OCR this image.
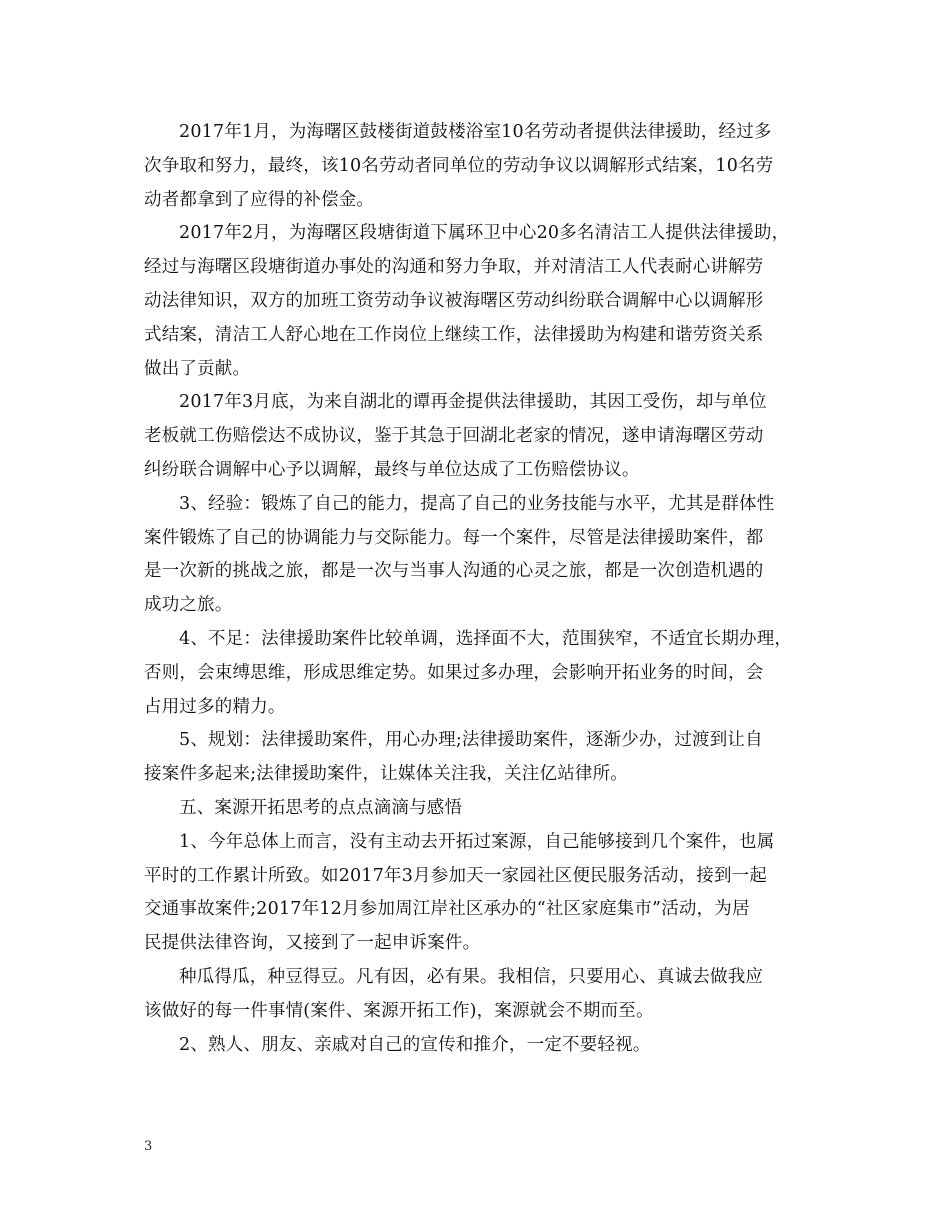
2017年1月，为海曙区鼓楼街道鼓楼浴室10名劳动者提供法律援助，经过多
次争取和努力，最终，该10名劳动者同单位的劳动争议以调解形式结案，10名劳
动者都拿到了应得的补偿金。

2017年2月，为海曙区段塘街道下属环卫中心20多名清洁工人提供法律援助，
经过与海曙区段塘街道办事处的沟通和努力争取，并对清洁工人代表耐心讲解劳
动法律知识，双方的加班工资劳动争议被海曙区劳动纠纷联合调解中心以调解形
式结案，清洁工人舒心地在工作岗位上继续工作，法律援助为构建和谐劳资关系
做出了贡献。

2017年3月底，为来自湖北的谭再金提供法律援助，其因工受伤，却与单位
老板就工伤赔偿达不成协议，鉴于其急于回湖北老家的情况，遂申请海曙区劳动
纠纷联合调解中心予以调解，最终与单位达成了工伤赔偿协议。

3、经验：锻炼了自己的能力，提高了自己的业务技能与水平，尤其是群体性
案件锻炼了自己的协调能力与交际能力。每一个案件，尽管是法律援助案件，都
是一次新的挑战之旅，都是一次与当事人沟通的心灵之旅，都是一次创造机遇的
成功之旅。

4、不足：法律援助案件比较单调，选择面不大，范围狭窄，不适宜长期办理，
否则，会束缚思维，形成思维定势。如果过多办理，会影响开拓业务的时间，会
占用过多的精力。

5、规划：法律援助案件，用心办理;法律援助案件，逐渐少办，过渡到让自
接案件多起来;法律援助案件，让媒体关注我，关注亿站律所。

五、案源开拓思考的点点滴滴与感悟

1、今年总体上而言，没有主动去开拓过案源，自己能够接到几个案件，也属
平时的工作累计所致。如2017年3月参加天一家园社区便民服务活动，接到一起
交通事故案件;2017年12月参加周江岸社区承办的“社区家庭集市”活动，为居
民提供法律咨询，又接到了一起申诉案件。

种瓜得瓜，种豆得豆。凡有因，必有果。我相信，只要用心、真诚去做我应
该做好的每一件事情(案件、案源开拓工作)，案源就会不期而至。

2、熟人、朋友、亲戚对自己的宣传和推介，一定不要轻视。

3
